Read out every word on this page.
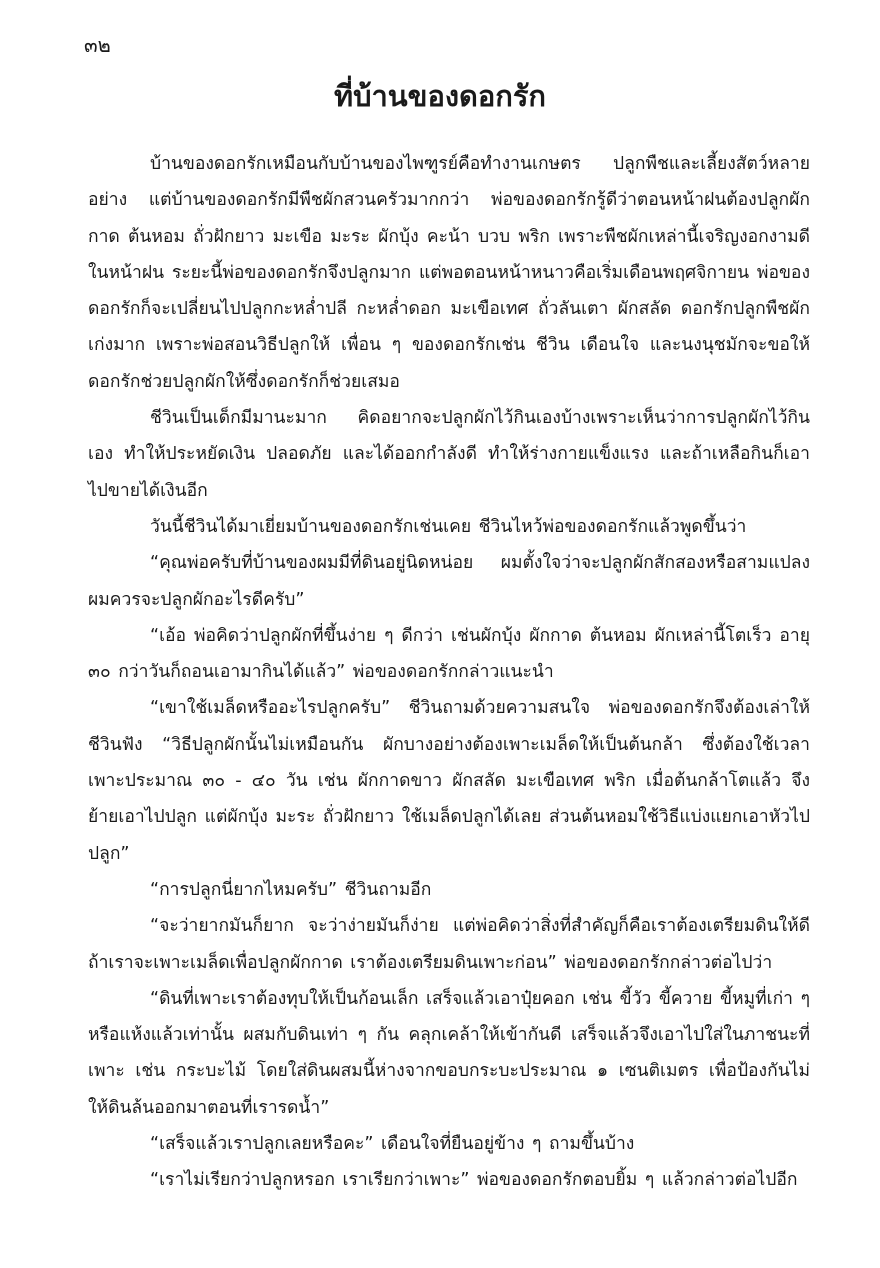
๓๒
ที่บ้านของดอกรัก

บ้านของดอกรักเหมือนกับบ้านของไพฑูรย์คือทำงานเกษตร ปลูกพืชและเลี้ยงสัตว์หลายอย่าง แต่บ้านของดอกรักมีพืชผักสวนครัวมากกว่า พ่อของดอกรักรู้ดีว่าตอนหน้าฝนต้องปลูกผักกาด ต้นหอม ถั่วฝักยาว มะเขือ มะระ ผักบุ้ง คะน้า บวบ พริก เพราะพืชผักเหล่านี้เจริญงอกงามดีในหน้าฝน ระยะนี้พ่อของดอกรักจึงปลูกมาก แต่พอตอนหน้าหนาวคือเริ่มเดือนพฤศจิกายน พ่อของดอกรักก็จะเปลี่ยนไปปลูกกะหล่ำปลี กะหล่ำดอก มะเขือเทศ ถั่วลันเตา ผักสลัด ดอกรักปลูกพืชผักเก่งมาก เพราะพ่อสอนวิธีปลูกให้ เพื่อน ๆ ของดอกรักเช่น ชีวิน เดือนใจ และนงนุชมักจะขอให้ดอกรักช่วยปลูกผักให้ซึ่งดอกรักก็ช่วยเสมอ

ชีวินเป็นเด็กมีมานะมาก คิดอยากจะปลูกผักไว้กินเองบ้างเพราะเห็นว่าการปลูกผักไว้กินเอง ทำให้ประหยัดเงิน ปลอดภัย และได้ออกกำลังดี ทำให้ร่างกายแข็งแรง และถ้าเหลือกินก็เอาไปขายได้เงินอีก

วันนี้ชีวินได้มาเยี่ยมบ้านของดอกรักเช่นเคย ชีวินไหว้พ่อของดอกรักแล้วพูดขึ้นว่า

“คุณพ่อครับที่บ้านของผมมีที่ดินอยู่นิดหน่อย ผมตั้งใจว่าจะปลูกผักสักสองหรือสามแปลง ผมควรจะปลูกผักอะไรดีครับ”

“เอ้อ พ่อคิดว่าปลูกผักที่ขึ้นง่าย ๆ ดีกว่า เช่นผักบุ้ง ผักกาด ต้นหอม ผักเหล่านี้โตเร็ว อายุ ๓๐ กว่าวันก็ถอนเอามากินได้แล้ว” พ่อของดอกรักกล่าวแนะนำ

“เขาใช้เมล็ดหรืออะไรปลูกครับ” ชีวินถามด้วยความสนใจ พ่อของดอกรักจึงต้องเล่าให้ชีวินฟัง “วิธีปลูกผักนั้นไม่เหมือนกัน ผักบางอย่างต้องเพาะเมล็ดให้เป็นต้นกล้า ซึ่งต้องใช้เวลาเพาะประมาณ ๓๐ - ๔๐ วัน เช่น ผักกาดขาว ผักสลัด มะเขือเทศ พริก เมื่อต้นกล้าโตแล้ว จึงย้ายเอาไปปลูก แต่ผักบุ้ง มะระ ถั่วฝักยาว ใช้เมล็ดปลูกได้เลย ส่วนต้นหอมใช้วิธีแบ่งแยกเอาหัวไปปลูก”

“การปลูกนี่ยากไหมครับ” ชีวินถามอีก

“จะว่ายากมันก็ยาก จะว่าง่ายมันก็ง่าย แต่พ่อคิดว่าสิ่งที่สำคัญก็คือเราต้องเตรียมดินให้ดี ถ้าเราจะเพาะเมล็ดเพื่อปลูกผักกาด เราต้องเตรียมดินเพาะก่อน” พ่อของดอกรักกล่าวต่อไปว่า

“ดินที่เพาะเราต้องทุบให้เป็นก้อนเล็ก เสร็จแล้วเอาปุ๋ยคอก เช่น ขี้วัว ขี้ควาย ขี้หมูที่เก่า ๆ หรือแห้งแล้วเท่านั้น ผสมกับดินเท่า ๆ กัน คลุกเคล้าให้เข้ากันดี เสร็จแล้วจึงเอาไปใส่ในภาชนะที่เพาะ เช่น กระบะไม้ โดยใส่ดินผสมนี้ห่างจากขอบกระบะประมาณ ๑ เซนติเมตร เพื่อป้องกันไม่ให้ดินล้นออกมาตอนที่เรารดน้ำ”

“เสร็จแล้วเราปลูกเลยหรือคะ” เดือนใจที่ยืนอยู่ข้าง ๆ ถามขึ้นบ้าง

“เราไม่เรียกว่าปลูกหรอก เราเรียกว่าเพาะ” พ่อของดอกรักตอบยิ้ม ๆ แล้วกล่าวต่อไปอีก
